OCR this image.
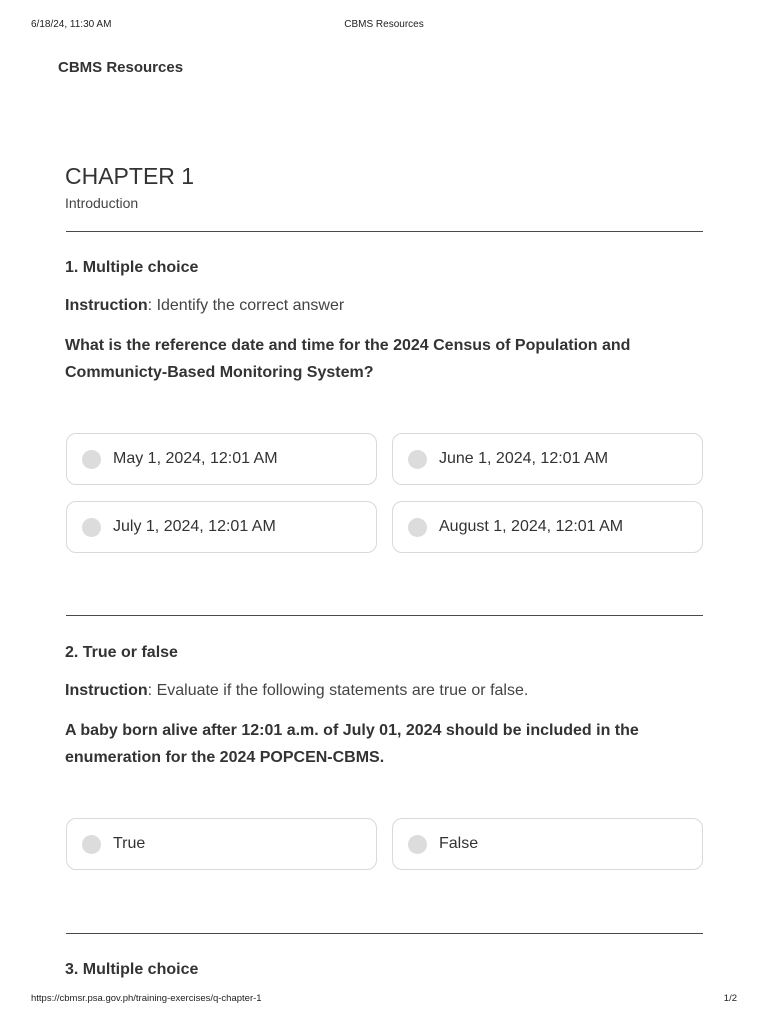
6/18/24, 11:30 AM	CBMS Resources
CBMS Resources
CHAPTER 1
Introduction
1. Multiple choice
Instruction: Identify the correct answer
What is the reference date and time for the 2024 Census of Population and Communicty-Based Monitoring System?
May 1, 2024, 12:01 AM	June 1, 2024, 12:01 AM
July 1, 2024, 12:01 AM	August 1, 2024, 12:01 AM
2. True or false
Instruction: Evaluate if the following statements are true or false.
A baby born alive after 12:01 a.m. of July 01, 2024 should be included in the enumeration for the 2024 POPCEN-CBMS.
True	False
3. Multiple choice
https://cbmsr.psa.gov.ph/training-exercises/q-chapter-1	1/2
